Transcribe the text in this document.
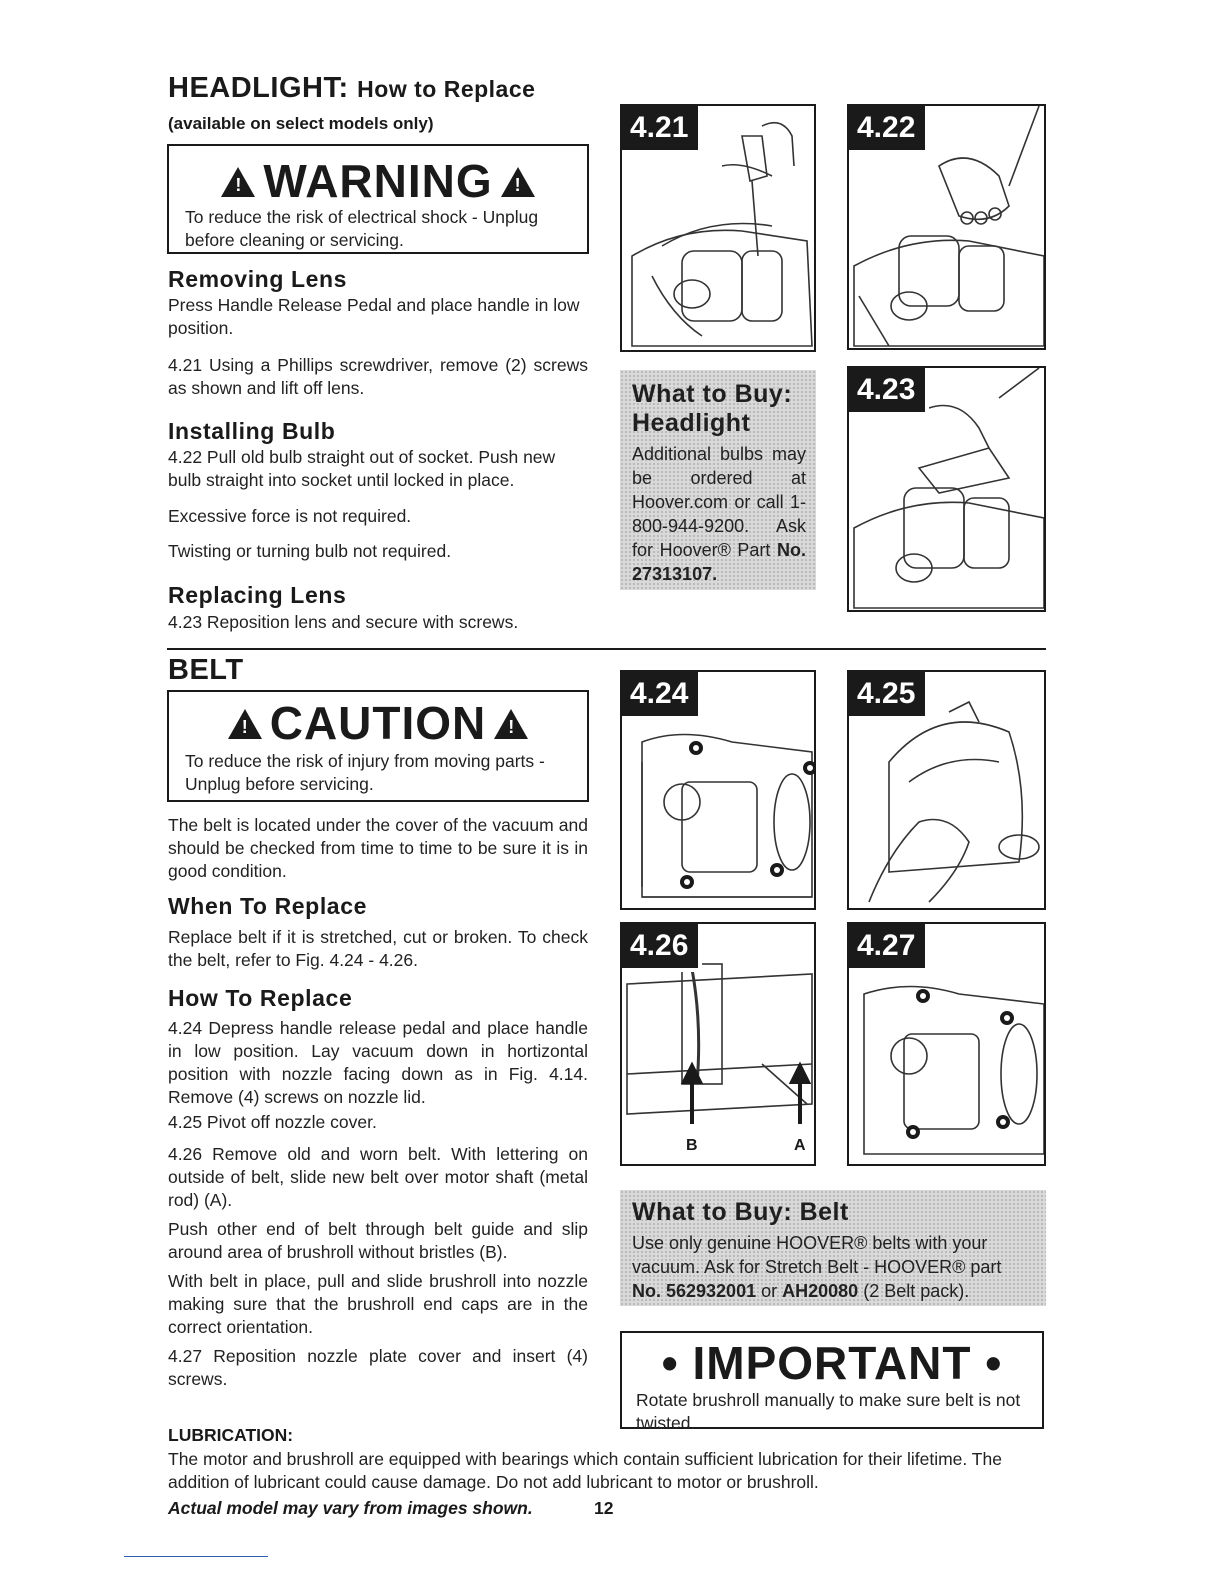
HEADLIGHT: How to Replace
(available on select models only)
!WARNING!
To reduce the risk of electrical shock - Unplug before cleaning or servicing.
Removing Lens
Press Handle Release Pedal and place handle in low position.
4.21 Using a Phillips screwdriver, remove (2) screws as shown and lift off lens.
Installing Bulb
4.22 Pull old bulb straight out of socket. Push new bulb straight into socket until locked in place.
Excessive force is not required.
Twisting or turning bulb not required.
Replacing Lens
4.23 Reposition lens and secure with screws.
4.21	4.22
What to Buy:
Headlight
Additional bulbs may be ordered at Hoover.com or call 1-800-944-9200. Ask for Hoover® Part No. 27313107.
4.23
BELT
!CAUTION!
To reduce the risk of injury from moving parts - Unplug before servicing.
The belt is located under the cover of the vacuum and should be checked from time to time to be sure it is in good condition.
When To Replace
Replace belt if it is stretched, cut or broken. To check the belt, refer to Fig. 4.24 - 4.26.
How To Replace
4.24 Depress handle release pedal and place handle in low position. Lay vacuum down in hortizontal position with nozzle facing down as in Fig. 4.14. Remove (4) screws on nozzle lid.
4.25 Pivot off nozzle cover.
4.26 Remove old and worn belt. With lettering on outside of belt, slide new belt over motor shaft (metal rod) (A).
Push other end of belt through belt guide and slip around area of brushroll without bristles (B).
With belt in place, pull and slide brushroll into nozzle making sure that the brushroll end caps are in the correct orientation.
4.27 Reposition nozzle plate cover and insert (4) screws.
4.24	4.25
B	A
4.26	4.27
What to Buy: Belt
Use only genuine HOOVER® belts with your vacuum. Ask for Stretch Belt - HOOVER® part No. 562932001 or AH20080 (2 Belt pack).
• IMPORTANT •
Rotate brushroll manually to make sure belt is not twisted.
LUBRICATION:
The motor and brushroll are equipped with bearings which contain sufficient lubrication for their lifetime. The addition of lubricant could cause damage. Do not add lubricant to motor or brushroll.
Actual model may vary from images shown.	12
